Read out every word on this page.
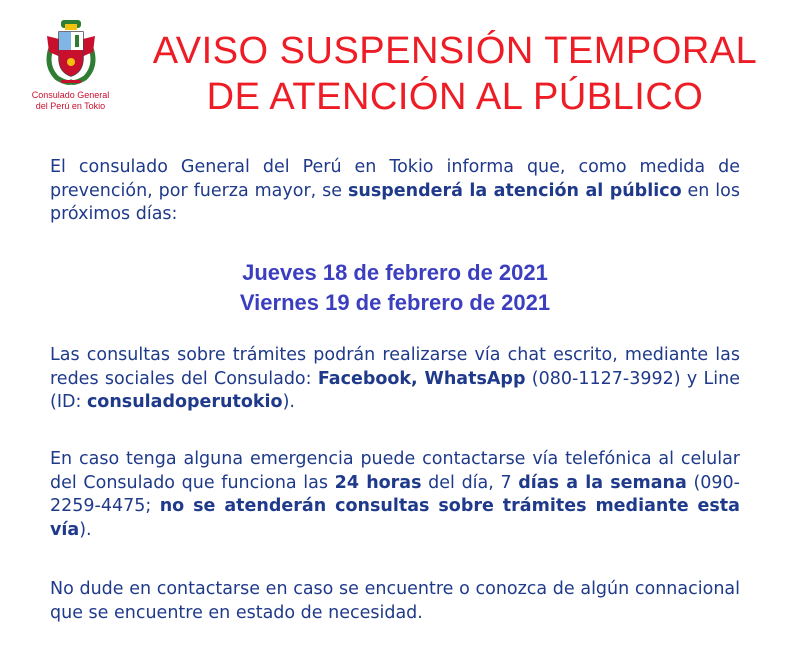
Consulado General
del Perú en Tokio
AVISO SUSPENSIÓN TEMPORAL
DE ATENCIÓN AL PÚBLICO

El consulado General del Perú en Tokio informa que, como medida de prevención, por fuerza mayor, se suspenderá la atención al público en los próximos días:

Jueves 18 de febrero de 2021
Viernes 19 de febrero de 2021

Las consultas sobre trámites podrán realizarse vía chat escrito, mediante las redes sociales del Consulado: Facebook, WhatsApp (080-1127-3992) y Line (ID: consuladoperutokio).

En caso tenga alguna emergencia puede contactarse vía telefónica al celular del Consulado que funciona las 24 horas del día, 7 días a la semana (090-2259-4475; no se atenderán consultas sobre trámites mediante esta vía).

No dude en contactarse en caso se encuentre o conozca de algún connacional que se encuentre en estado de necesidad.
